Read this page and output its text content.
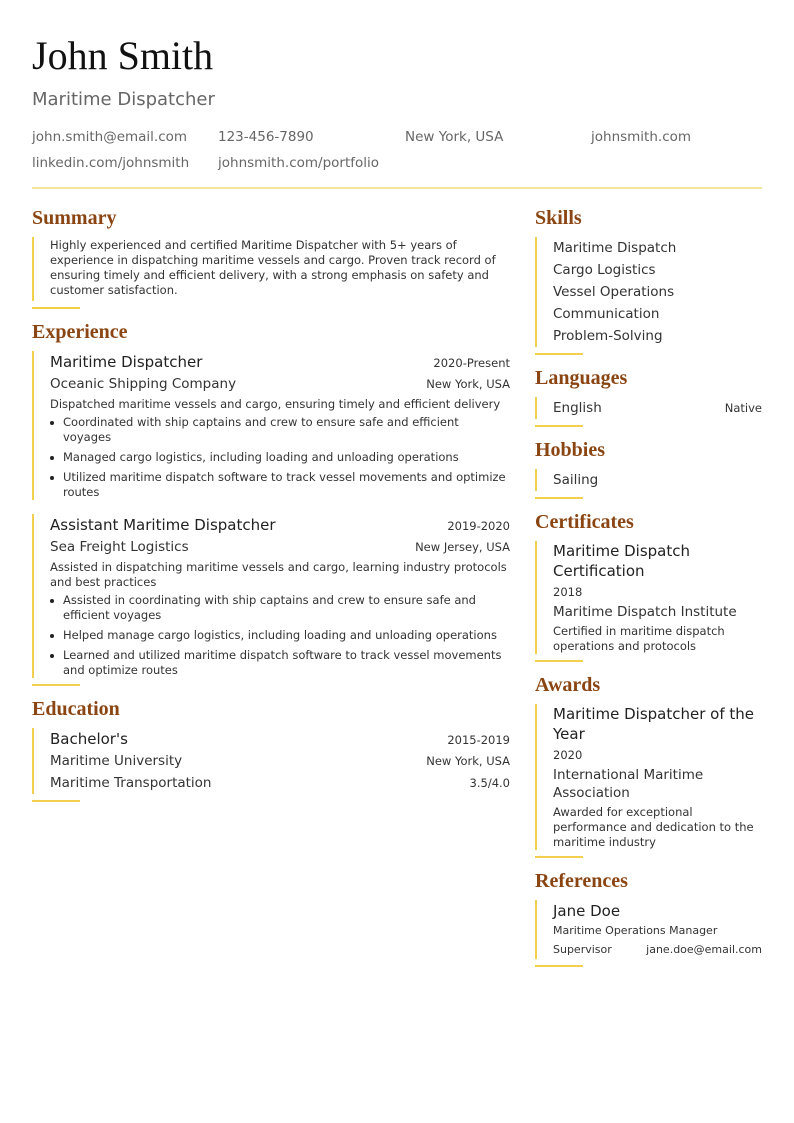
John Smith
Maritime Dispatcher
john.smith@email.com 123-456-7890	New York, USA	johnsmith.com
linkedin.com/johnsmith johnsmith.com/portfolio
Summary

Highly experienced and certified Maritime Dispatcher with 5+ years of experience in dispatching maritime vessels and cargo. Proven track record of ensuring timely and efficient delivery, with a strong emphasis on safety and customer satisfaction.

Experience
Maritime Dispatcher	2020-Present
Oceanic Shipping Company	New York, USA

Dispatched maritime vessels and cargo, ensuring timely and efficient delivery

Coordinated with ship captains and crew to ensure safe and efficient voyages
Managed cargo logistics, including loading and unloading operations
Utilized maritime dispatch software to track vessel movements and optimize routes
Assistant Maritime Dispatcher	2019-2020
Sea Freight Logistics	New Jersey, USA

Assisted in dispatching maritime vessels and cargo, learning industry protocols and best practices

Assisted in coordinating with ship captains and crew to ensure safe and efficient voyages
Helped manage cargo logistics, including loading and unloading operations
Learned and utilized maritime dispatch software to track vessel movements and optimize routes
Education
Bachelor's	2015-2019
Maritime University	New York, USA
Maritime Transportation	3.5/4.0
Skills
Maritime Dispatch
Cargo Logistics
Vessel Operations
Communication
Problem-Solving
Languages
English	Native
Hobbies
Sailing
Certificates
Maritime Dispatch Certification
2018
Maritime Dispatch Institute
Certified in maritime dispatch operations and protocols
Awards
Maritime Dispatcher of the Year
2020
International Maritime Association
Awarded for exceptional performance and dedication to the maritime industry
References
Jane Doe
Maritime Operations Manager
Supervisor	jane.doe@email.com
